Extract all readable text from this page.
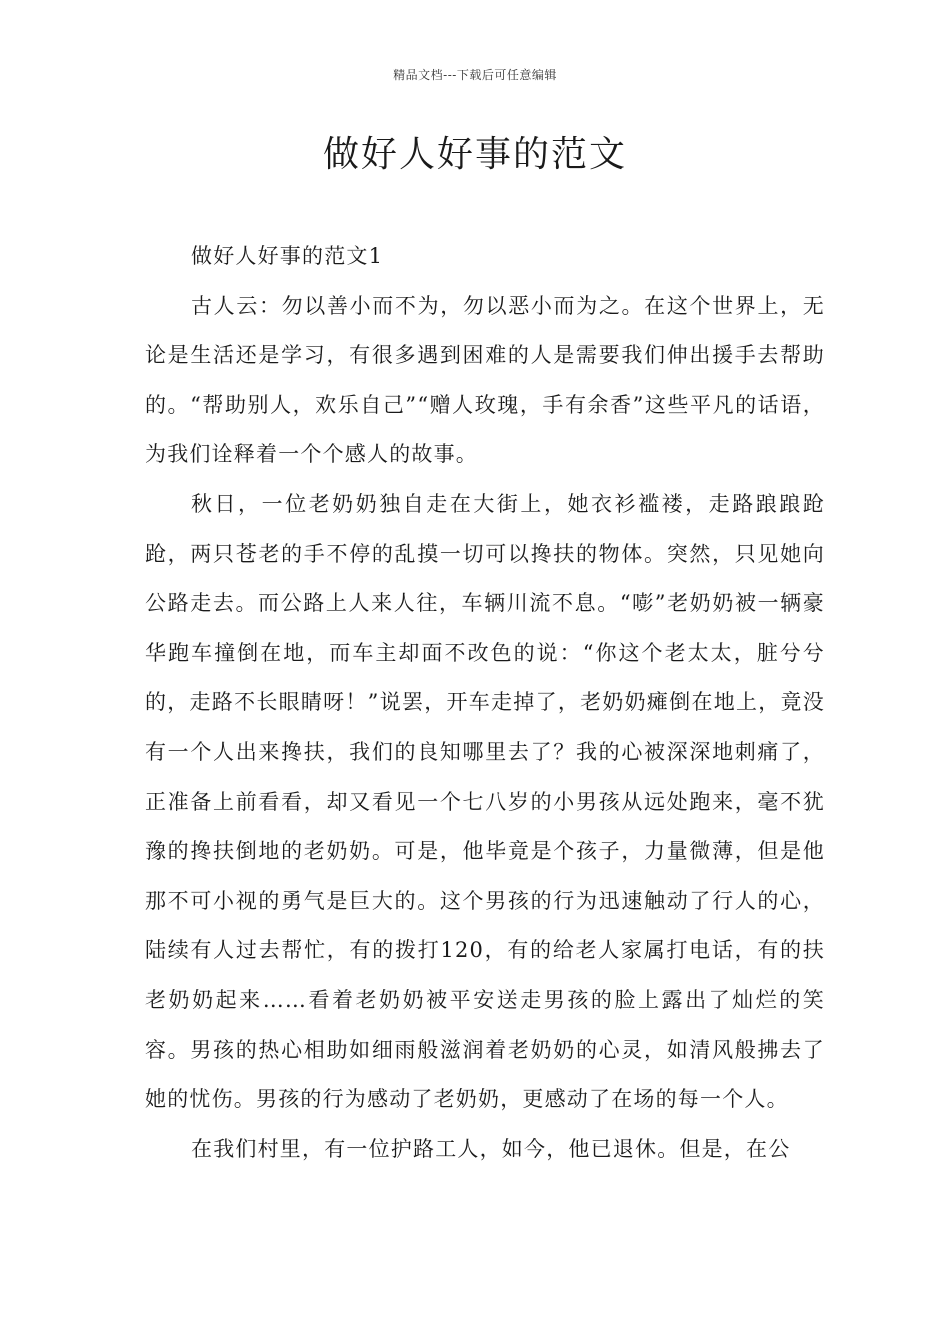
精品文档---下载后可任意编辑
做好人好事的范文

做好人好事的范文1

古人云：勿以善小而不为，勿以恶小而为之。在这个世界上，无论是生活还是学习，有很多遇到困难的人是需要我们伸出援手去帮助的。“帮助别人，欢乐自己”“赠人玫瑰，手有余香”这些平凡的话语，为我们诠释着一个个感人的故事。

秋日，一位老奶奶独自走在大街上，她衣衫褴褛，走路踉踉跄跄，两只苍老的手不停的乱摸一切可以搀扶的物体。突然，只见她向公路走去。而公路上人来人往，车辆川流不息。“嘭”老奶奶被一辆豪华跑车撞倒在地，而车主却面不改色的说：“你这个老太太，脏兮兮的，走路不长眼睛呀！”说罢，开车走掉了，老奶奶瘫倒在地上，竟没有一个人出来搀扶，我们的良知哪里去了？我的心被深深地刺痛了，正准备上前看看，却又看见一个七八岁的小男孩从远处跑来，毫不犹豫的搀扶倒地的老奶奶。可是，他毕竟是个孩子，力量微薄，但是他那不可小视的勇气是巨大的。这个男孩的行为迅速触动了行人的心，陆续有人过去帮忙，有的拨打120，有的给老人家属打电话，有的扶老奶奶起来……看着老奶奶被平安送走男孩的脸上露出了灿烂的笑容。男孩的热心相助如细雨般滋润着老奶奶的心灵，如清风般拂去了她的忧伤。男孩的行为感动了老奶奶，更感动了在场的每一个人。

在我们村里，有一位护路工人，如今，他已退休。但是，在公
